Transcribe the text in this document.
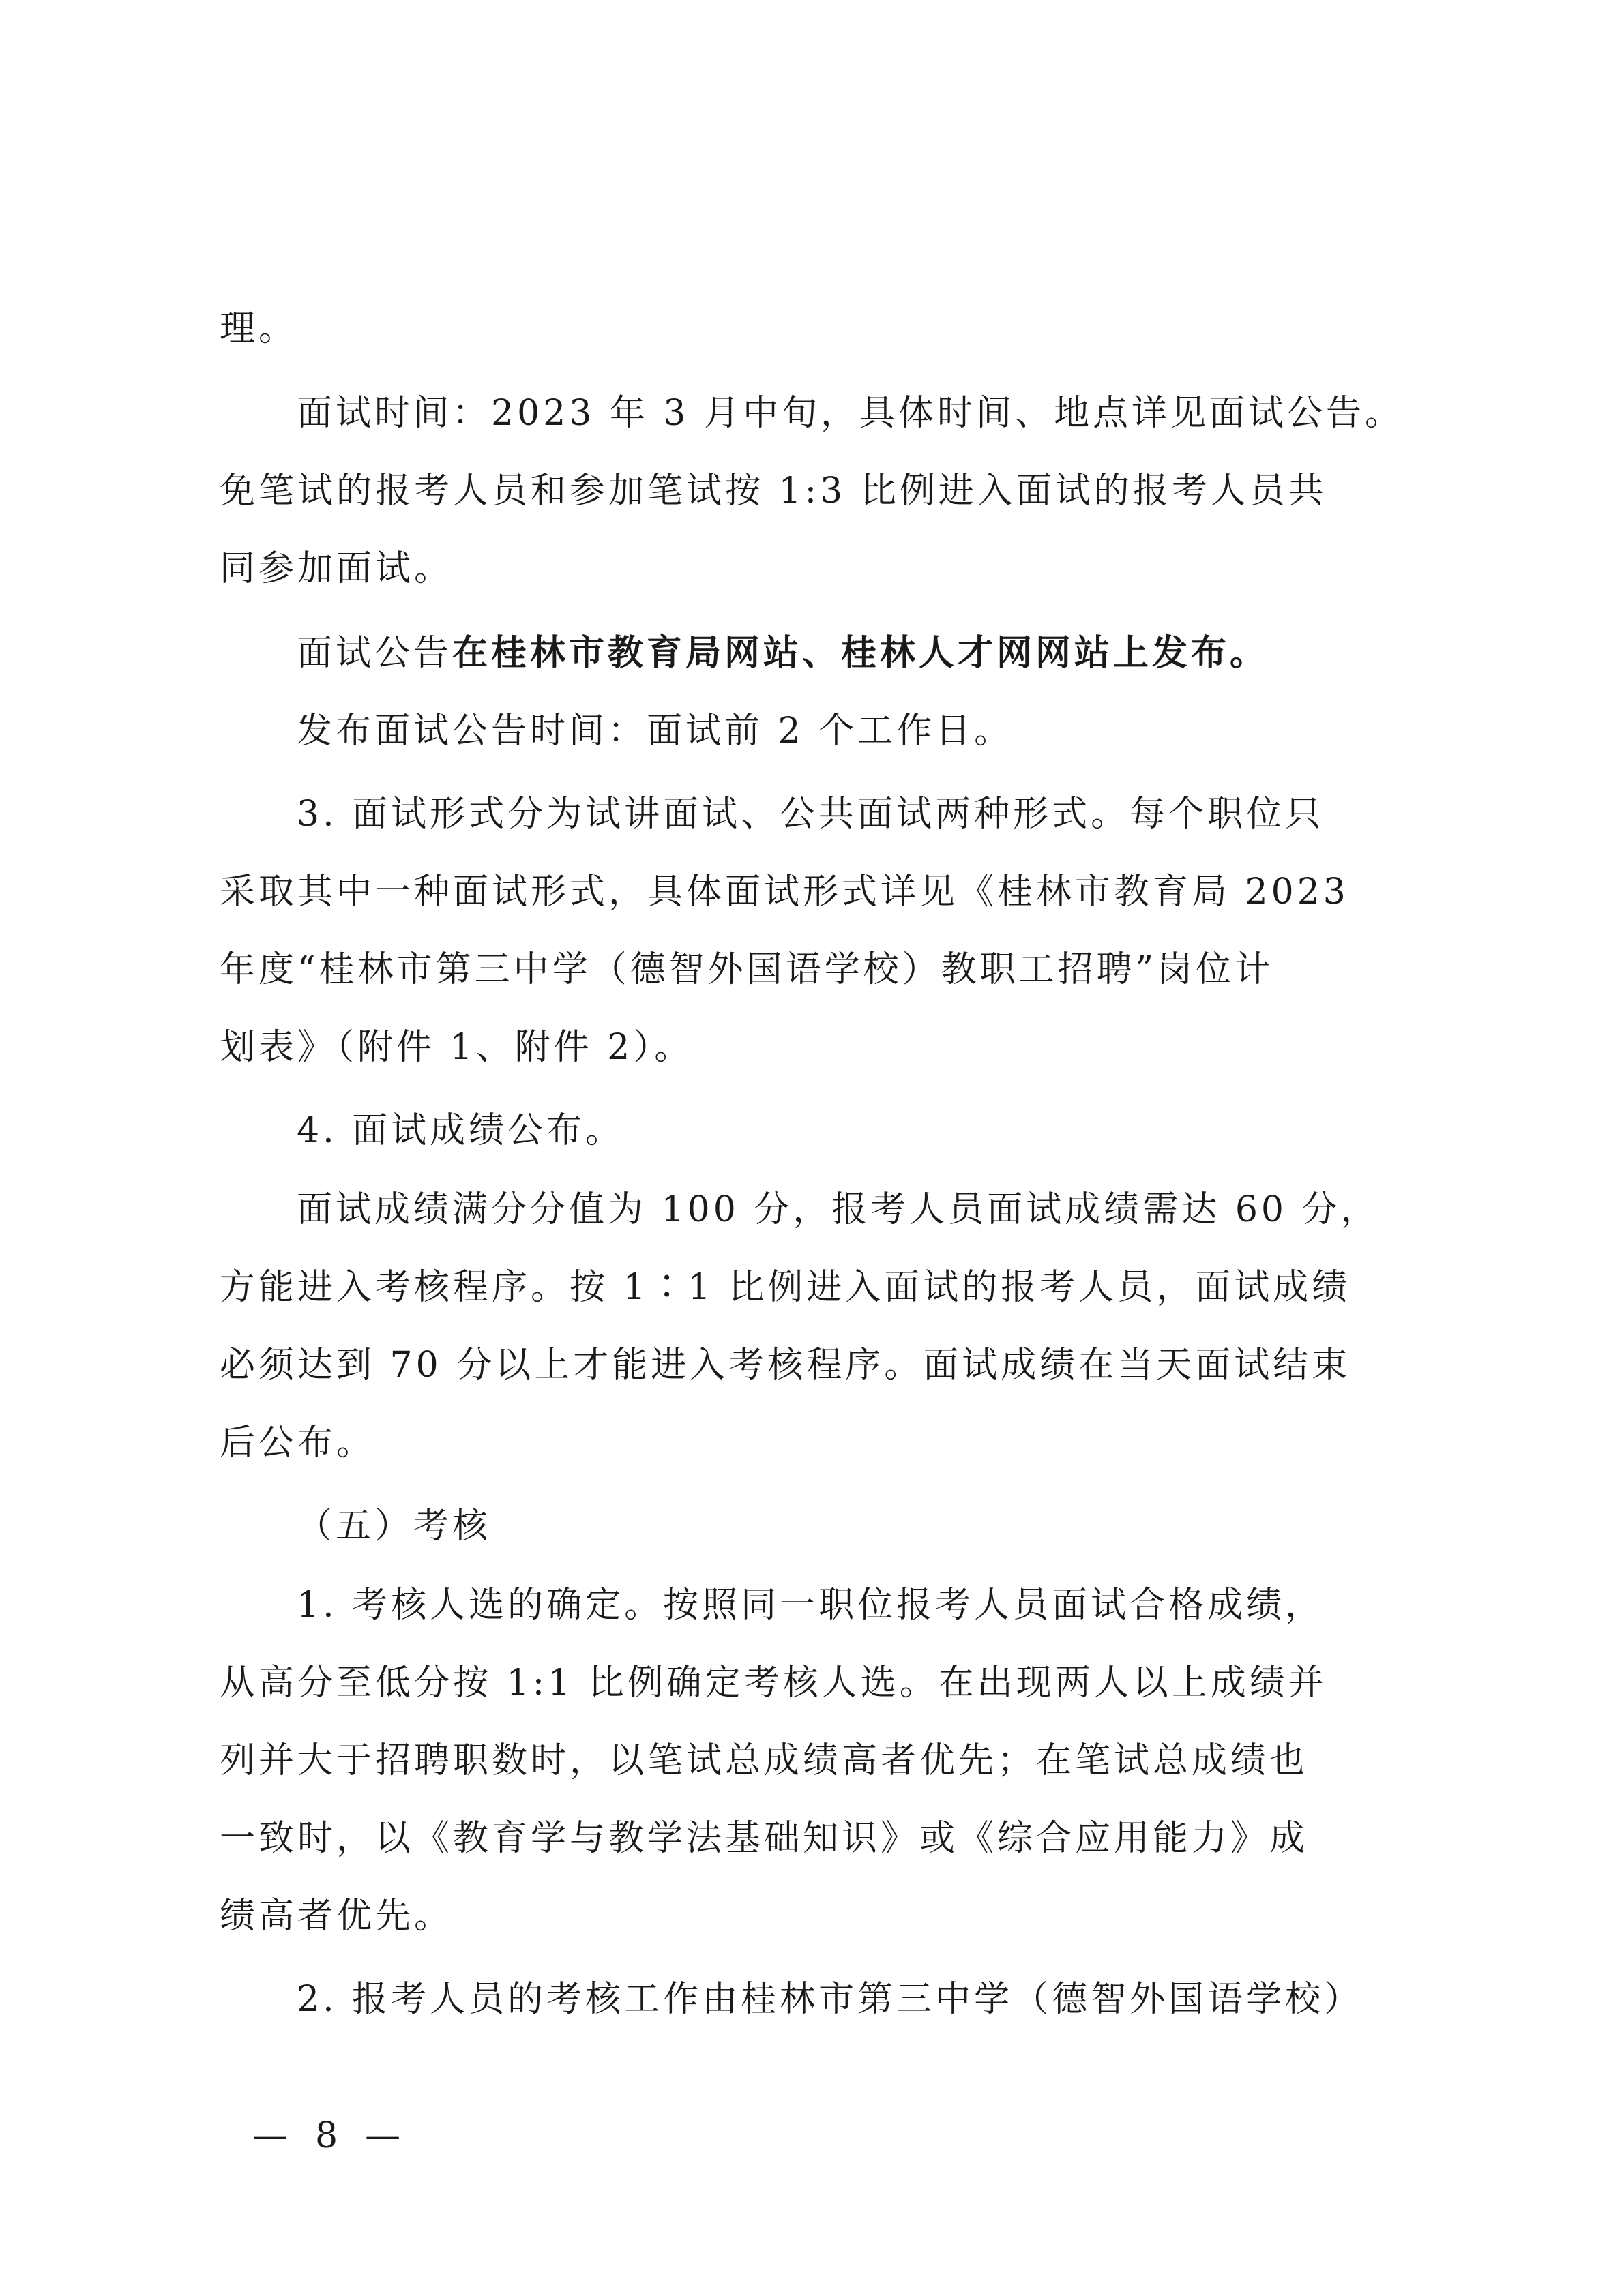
理。
面试时间：2023 年 3 月中旬，具体时间、地点详见面试公告。
免笔试的报考人员和参加笔试按 1:3 比例进入面试的报考人员共
同参加面试。
面试公告在桂林市教育局网站、桂林人才网网站上发布。
发布面试公告时间：面试前 2 个工作日。
3. 面试形式分为试讲面试、公共面试两种形式。每个职位只
采取其中一种面试形式，具体面试形式详见《桂林市教育局 2023
年度“桂林市第三中学（德智外国语学校）教职工招聘”岗位计
划表》（附件 1、附件 2）。
4. 面试成绩公布。
面试成绩满分分值为 100 分，报考人员面试成绩需达 60 分，
方能进入考核程序。按 1∶1 比例进入面试的报考人员，面试成绩
必须达到 70 分以上才能进入考核程序。面试成绩在当天面试结束
后公布。
（五）考核
1. 考核人选的确定。按照同一职位报考人员面试合格成绩，
从高分至低分按 1:1 比例确定考核人选。在出现两人以上成绩并
列并大于招聘职数时，以笔试总成绩高者优先；在笔试总成绩也
一致时，以《教育学与教学法基础知识》或《综合应用能力》成
绩高者优先。
2. 报考人员的考核工作由桂林市第三中学（德智外国语学校）
— 8 —
